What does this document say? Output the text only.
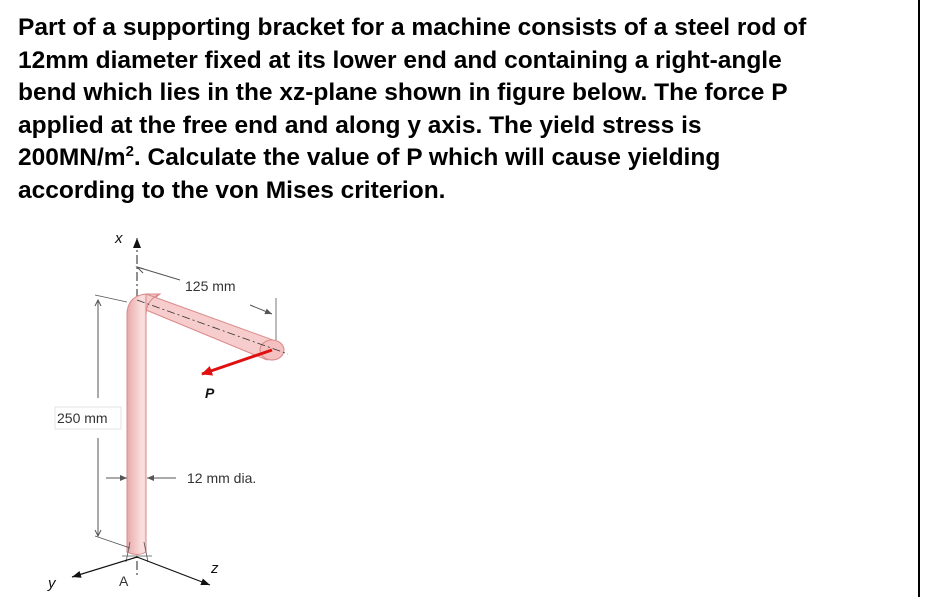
Part of a supporting bracket for a machine consists of a steel rod of
12mm diameter fixed at its lower end and containing a right-angle
bend which lies in the xz-plane shown in figure below. The force P
applied at the free end and along y axis. The yield stress is
$200MN/m^2$. Calculate the value of P which will cause yielding
according to the von Mises criterion.
125 mm
P
250 mm
12 mm dia.
A
y
z
x
